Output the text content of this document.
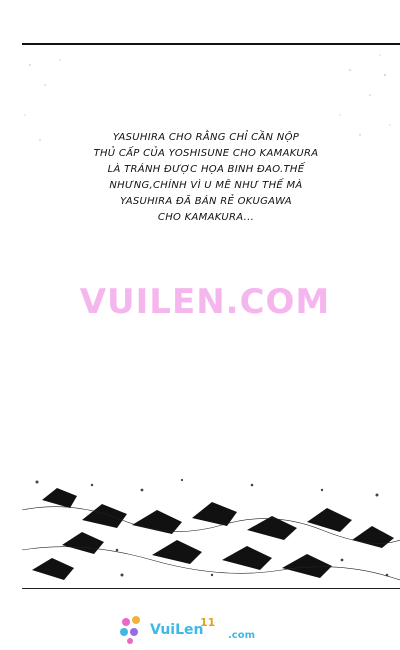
YASUHIRA CHO RẰNG CHỈ CẦN NỘP
THỦ CẤP CỦA YOSHISUNE CHO KAMAKURA
LÀ TRÁNH ĐƯỢC HỌA BINH ĐAO.THẾ
NHƯNG,CHÍNH VÌ U MÊ NHƯ THẾ MÀ
YASUHIRA ĐÃ BÁN RẺ OKUGAWA
CHO KAMAKURA...
VUILEN.COM
VuiLen
11
.com
